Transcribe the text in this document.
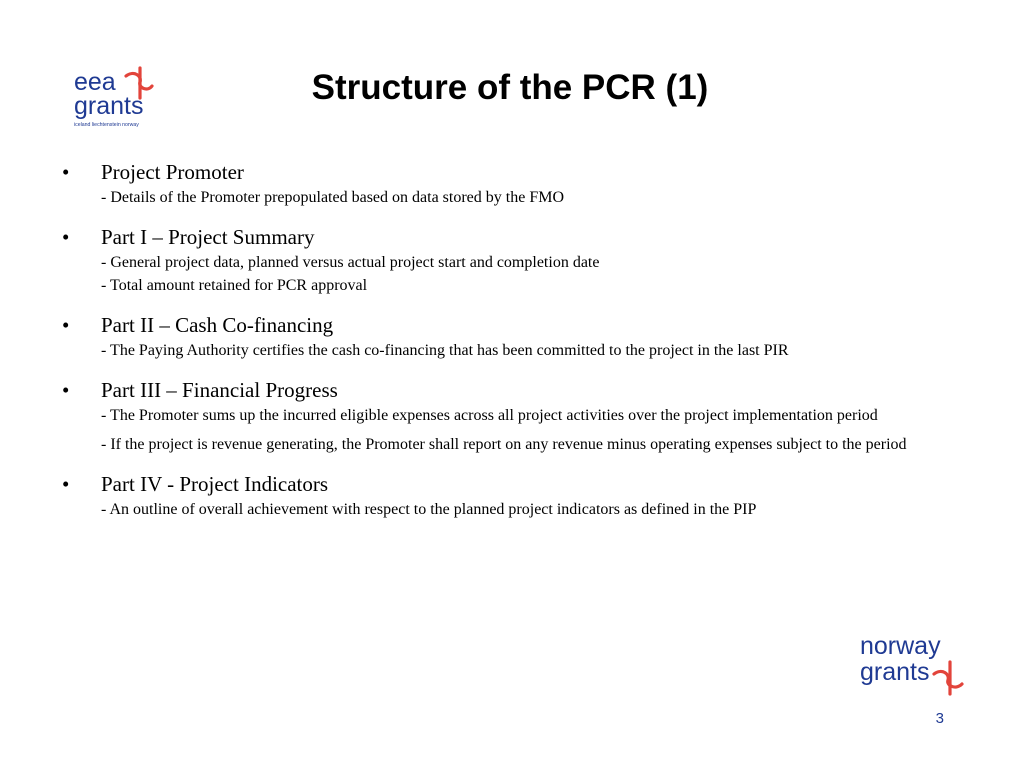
eea
grants
iceland liechtenstein norway
Structure of the PCR (1)
• Project Promoter
- Details of the Promoter prepopulated based on data stored by the FMO
• Part I – Project Summary
- General project data, planned versus actual project start and completion date
- Total amount retained for PCR approval
• Part II – Cash Co-financing
- The Paying Authority certifies the cash co-financing that has been committed to the project in the last PIR
• Part III – Financial Progress
- The Promoter sums up the incurred eligible expenses across all project activities over the project implementation period
- If the project is revenue generating, the Promoter shall report on any revenue minus operating expenses subject to the period
• Part IV - Project Indicators
- An outline of overall achievement with respect to the planned project indicators as defined in the PIP
norway
grants
3
